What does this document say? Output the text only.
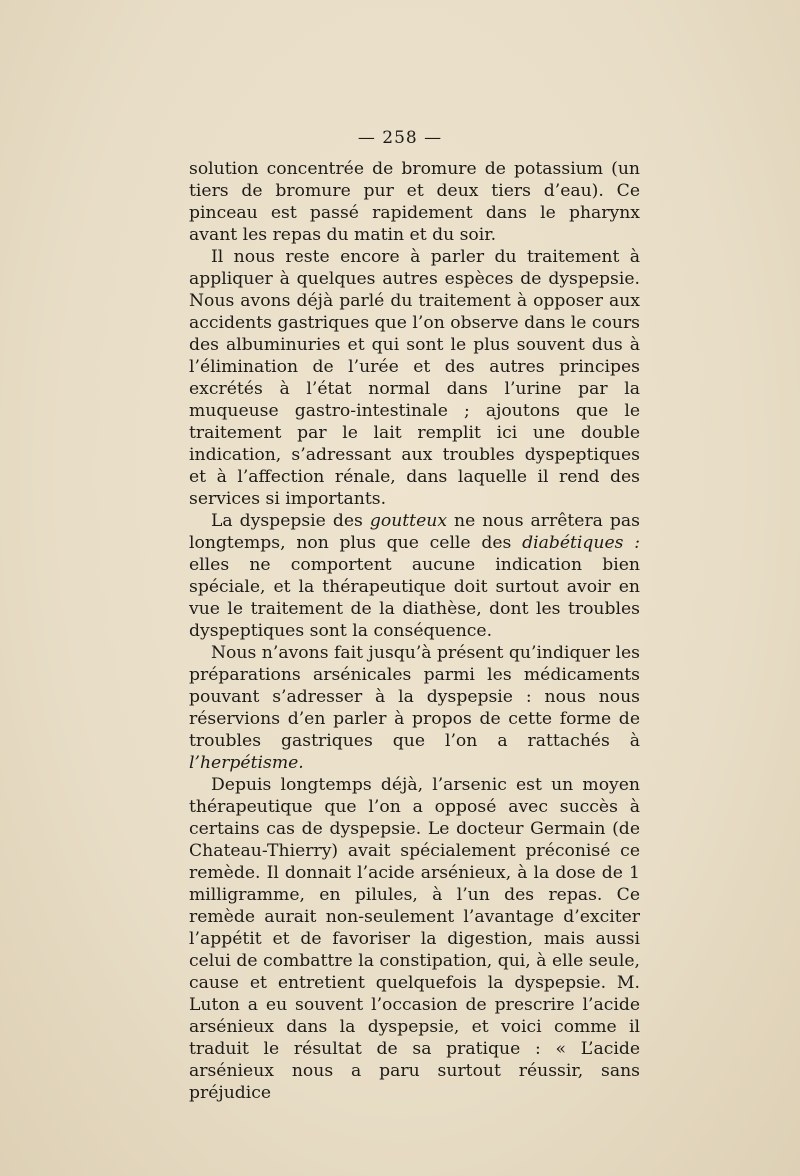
— 258 —

solution concentrée de bromure de potassium (un tiers de bromure pur et deux tiers d’eau). Ce pinceau est passé rapidement dans le pharynx avant les repas du matin et du soir.

Il nous reste encore à parler du traitement à appliquer à quelques autres espèces de dyspepsie. Nous avons déjà parlé du traitement à opposer aux accidents gastriques que l’on observe dans le cours des albuminuries et qui sont le plus souvent dus à l’élimination de l’urée et des autres principes excrétés à l’état normal dans l’urine par la muqueuse gastro-intestinale ; ajoutons que le traitement par le lait remplit ici une double indication, s’adressant aux troubles dyspeptiques et à l’affection rénale, dans laquelle il rend des services si importants.

La dyspepsie des goutteux ne nous arrêtera pas longtemps, non plus que celle des diabétiques : elles ne comportent aucune indication bien spéciale, et la thérapeutique doit surtout avoir en vue le traitement de la diathèse, dont les troubles dyspeptiques sont la conséquence.

Nous n’avons fait jusqu’à présent qu’indiquer les préparations arsénicales parmi les médicaments pouvant s’adresser à la dyspepsie : nous nous réservions d’en parler à propos de cette forme de troubles gastriques que l’on a rattachés à l’herpétisme.

Depuis longtemps déjà, l’arsenic est un moyen thérapeutique que l’on a opposé avec succès à certains cas de dyspepsie. Le docteur Germain (de Chateau-Thierry) avait spécialement préconisé ce remède. Il donnait l’acide arsénieux, à la dose de 1 milligramme, en pilules, à l’un des repas. Ce remède aurait non-seulement l’avantage d’exciter l’appétit et de favoriser la digestion, mais aussi celui de combattre la constipation, qui, à elle seule, cause et entretient quelquefois la dyspepsie. M. Luton a eu souvent l’occasion de prescrire l’acide arsénieux dans la dyspepsie, et voici comme il traduit le résultat de sa pratique : « L’acide arsénieux nous a paru surtout réussir, sans préjudice
